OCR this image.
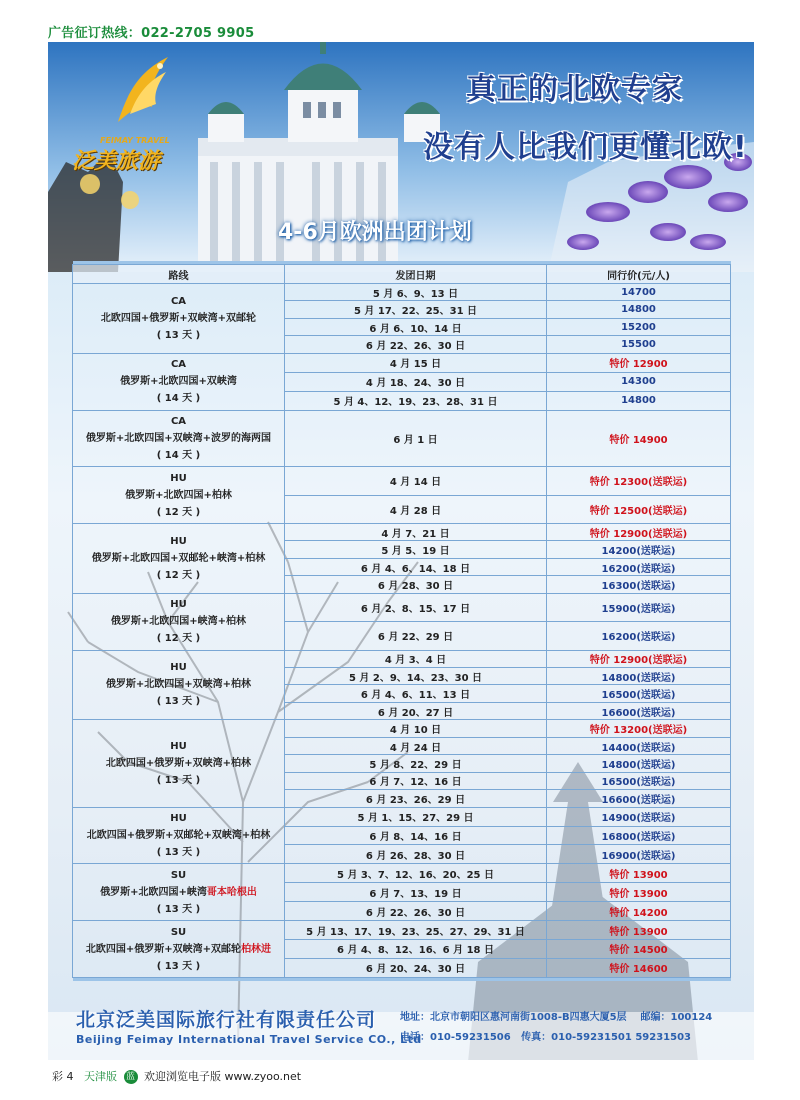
广告征订热线：022-2705 9905
FEIMAY TRAVEL
泛美旅游
真正的北欧专家
没有人比我们更懂北欧!
4-6月欧洲出团计划

路线	发团日期	同行价(元/人)

CA
北欧四国+俄罗斯+双峡湾+双邮轮
( 13 天 )	5 月 6、9、13 日	14700
	5 月 17、22、25、31 日	14800
	6 月 6、10、14 日	15200
	6 月 22、26、30 日	15500

CA
俄罗斯+北欧四国+双峡湾
( 14 天 )	4 月 15 日	特价 12900
	4 月 18、24、30 日	14300
	5 月 4、12、19、23、28、31 日	14800

CA
俄罗斯+北欧四国+双峡湾+波罗的海两国
( 14 天 )	6 月 1 日	特价 14900

HU
俄罗斯+北欧四国+柏林
( 12 天 )	4 月 14 日	特价 12300(送联运)
	4 月 28 日	特价 12500(送联运)

HU
俄罗斯+北欧四国+双邮轮+峡湾+柏林
( 12 天 )	4 月 7、21 日	特价 12900(送联运)
	5 月 5、19 日	14200(送联运)
	6 月 4、6、14、18 日	16200(送联运)
	6 月 28、30 日	16300(送联运)

HU
俄罗斯+北欧四国+峡湾+柏林
( 12 天 )	6 月 2、8、15、17 日	15900(送联运)
	6 月 22、29 日	16200(送联运)

HU
俄罗斯+北欧四国+双峡湾+柏林
( 13 天 )	4 月 3、4 日	特价 12900(送联运)
	5 月 2、9、14、23、30 日	14800(送联运)
	6 月 4、6、11、13 日	16500(送联运)
	6 月 20、27 日	16600(送联运)

HU
北欧四国+俄罗斯+双峡湾+柏林
( 13 天 )	4 月 10 日	特价 13200(送联运)
	4 月 24 日	14400(送联运)
	5 月 8、22、29 日	14800(送联运)
	6 月 7、12、16 日	16500(送联运)
	6 月 23、26、29 日	16600(送联运)

HU
北欧四国+俄罗斯+双邮轮+双峡湾+柏林
( 13 天 )	5 月 1、15、27、29 日	14900(送联运)
	6 月 8、14、16 日	16800(送联运)
	6 月 26、28、30 日	16900(送联运)

SU
俄罗斯+北欧四国+峡湾哥本哈根出
( 13 天 )	5 月 3、7、12、16、20、25 日	特价 13900
	6 月 7、13、19 日	特价 13900
	6 月 22、26、30 日	特价 14200

SU
北欧四国+俄罗斯+双峡湾+双邮轮柏林进
( 13 天 )	5 月 13、17、19、23、25、27、29、31 日	特价 13900
	6 月 4、8、12、16、6 月 18 日	特价 14500
	6 月 20、24、30 日	特价 14600

北京泛美国际旅行社有限责任公司
Beijing Feimay International Travel Service CO., Ltd
地址：北京市朝阳区惠河南街1008-B四惠大厦5层 邮编：100124
电话：010-59231506 传真：010-59231501 59231503
彩 4 天津版 蓝 欢迎浏览电子版 www.zyoo.net
